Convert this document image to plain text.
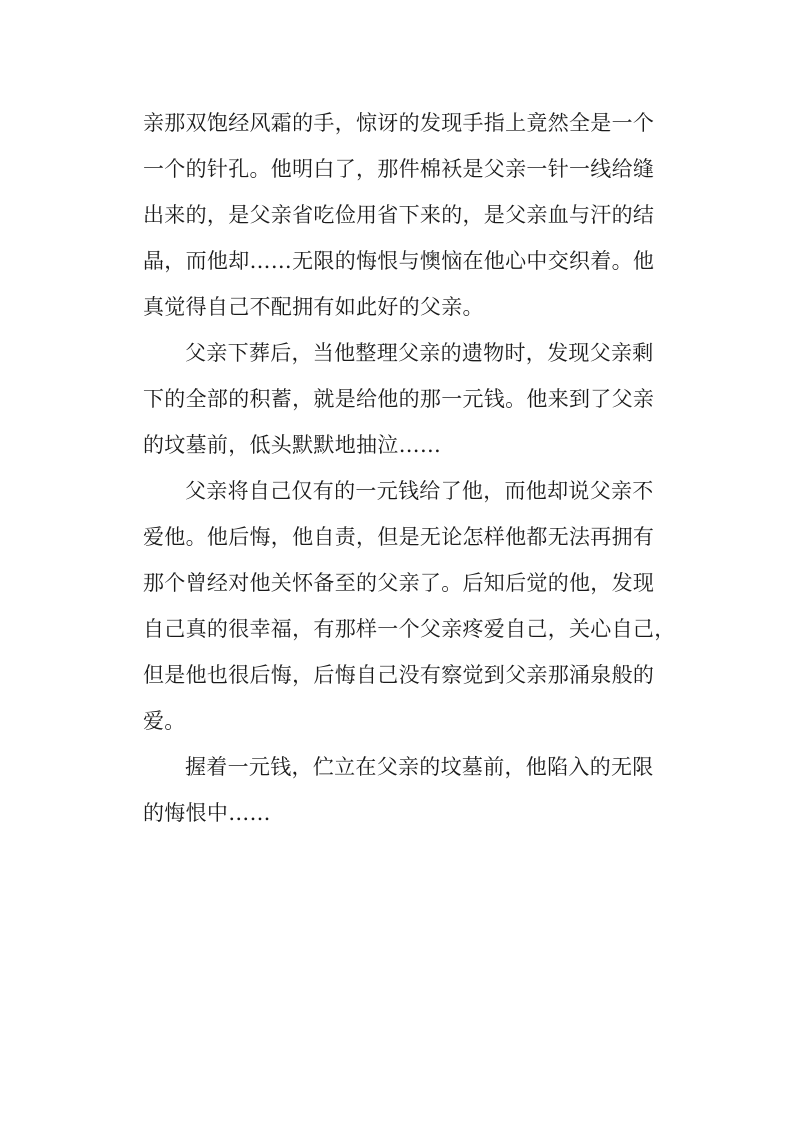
亲那双饱经风霜的手，惊讶的发现手指上竟然全是一个
一个的针孔。他明白了，那件棉袄是父亲一针一线给缝
出来的，是父亲省吃俭用省下来的，是父亲血与汗的结
晶，而他却……无限的悔恨与懊恼在他心中交织着。他
真觉得自己不配拥有如此好的父亲。
父亲下葬后，当他整理父亲的遗物时，发现父亲剩
下的全部的积蓄，就是给他的那一元钱。他来到了父亲
的坟墓前，低头默默地抽泣……
父亲将自己仅有的一元钱给了他，而他却说父亲不
爱他。他后悔，他自责，但是无论怎样他都无法再拥有
那个曾经对他关怀备至的父亲了。后知后觉的他，发现
自己真的很幸福，有那样一个父亲疼爱自己，关心自己，
但是他也很后悔，后悔自己没有察觉到父亲那涌泉般的
爱。
握着一元钱，伫立在父亲的坟墓前，他陷入的无限
的悔恨中……
